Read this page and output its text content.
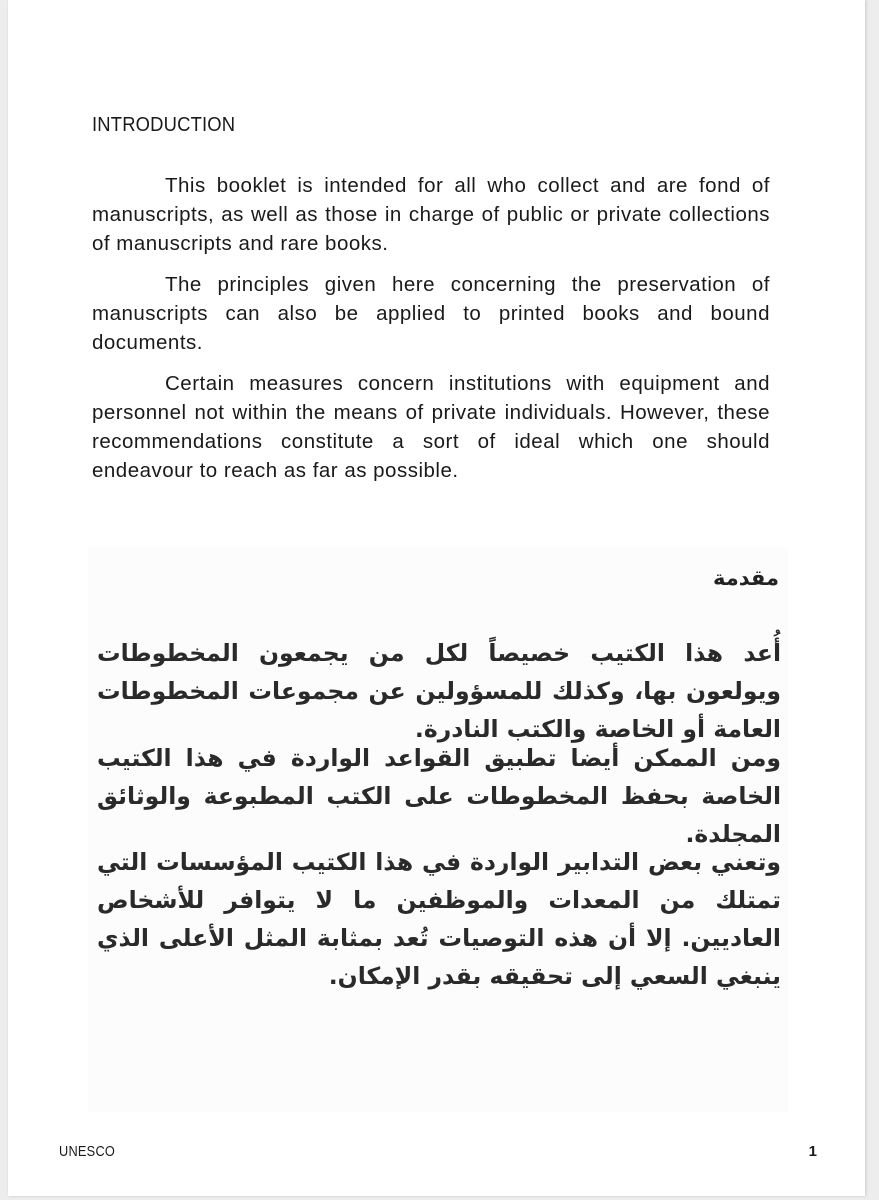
INTRODUCTION

This booklet is intended for all who collect and are fond of manuscripts, as well as those in charge of public or private collections of manuscripts and rare books.

The principles given here concerning the preservation of manuscripts can also be applied to printed books and bound documents.

Certain measures concern institutions with equipment and personnel not within the means of private individuals. However, these recommendations constitute a sort of ideal which one should endeavour to reach as far as possible.

مقدمة

أُعد هذا الكتيب خصيصاً لكل من يجمعون المخطوطات ويولعون بها، وكذلك للمسؤولين عن مجموعات المخطوطات العامة أو الخاصة والكتب النادرة.

ومن الممكن أيضا تطبيق القواعد الواردة في هذا الكتيب الخاصة بحفظ المخطوطات على الكتب المطبوعة والوثائق المجلدة.

وتعني بعض التدابير الواردة في هذا الكتيب المؤسسات التي تمتلك من المعدات والموظفين ما لا يتوافر للأشخاص العاديين. إلا أن هذه التوصيات تُعد بمثابة المثل الأعلى الذي ينبغي السعي إلى تحقيقه بقدر الإمكان.

UNESCO	1
